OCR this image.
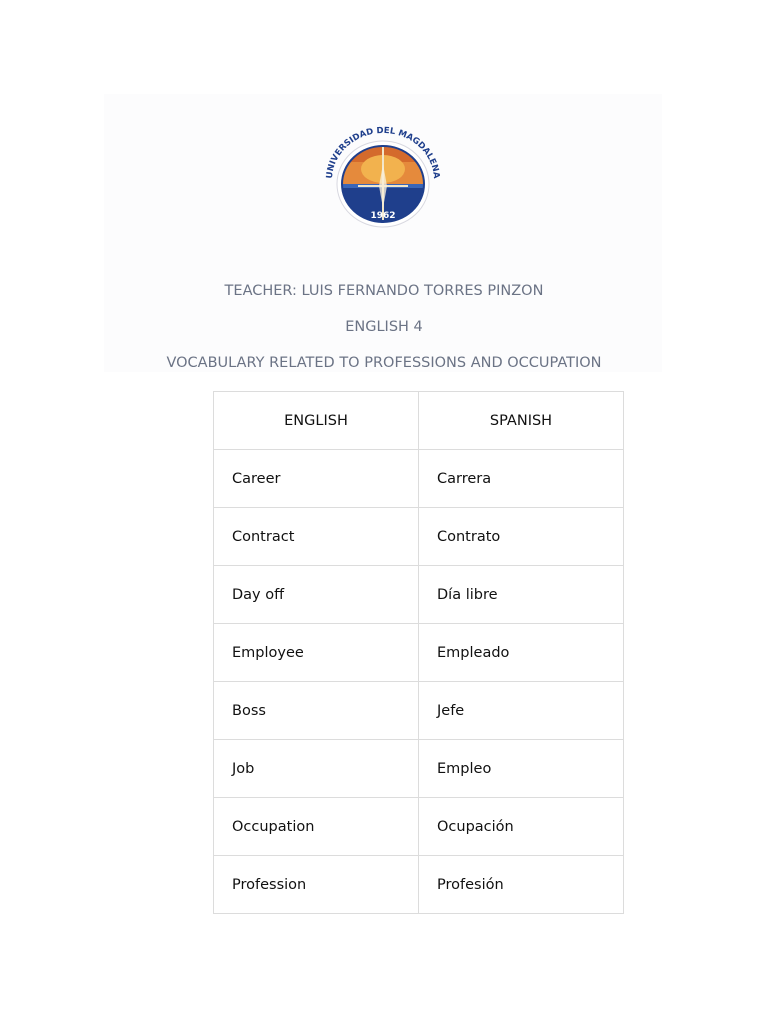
UNIVERSIDAD DEL MAGDALENA
1962
TEACHER: LUIS FERNANDO TORRES PINZON
ENGLISH 4
VOCABULARY RELATED TO PROFESSIONS AND OCCUPATION
ENGLISH	SPANISH
Career	Carrera
Contract	Contrato
Day off	Día libre
Employee	Empleado
Boss	Jefe
Job	Empleo
Occupation	Ocupación
Profession	Profesión
